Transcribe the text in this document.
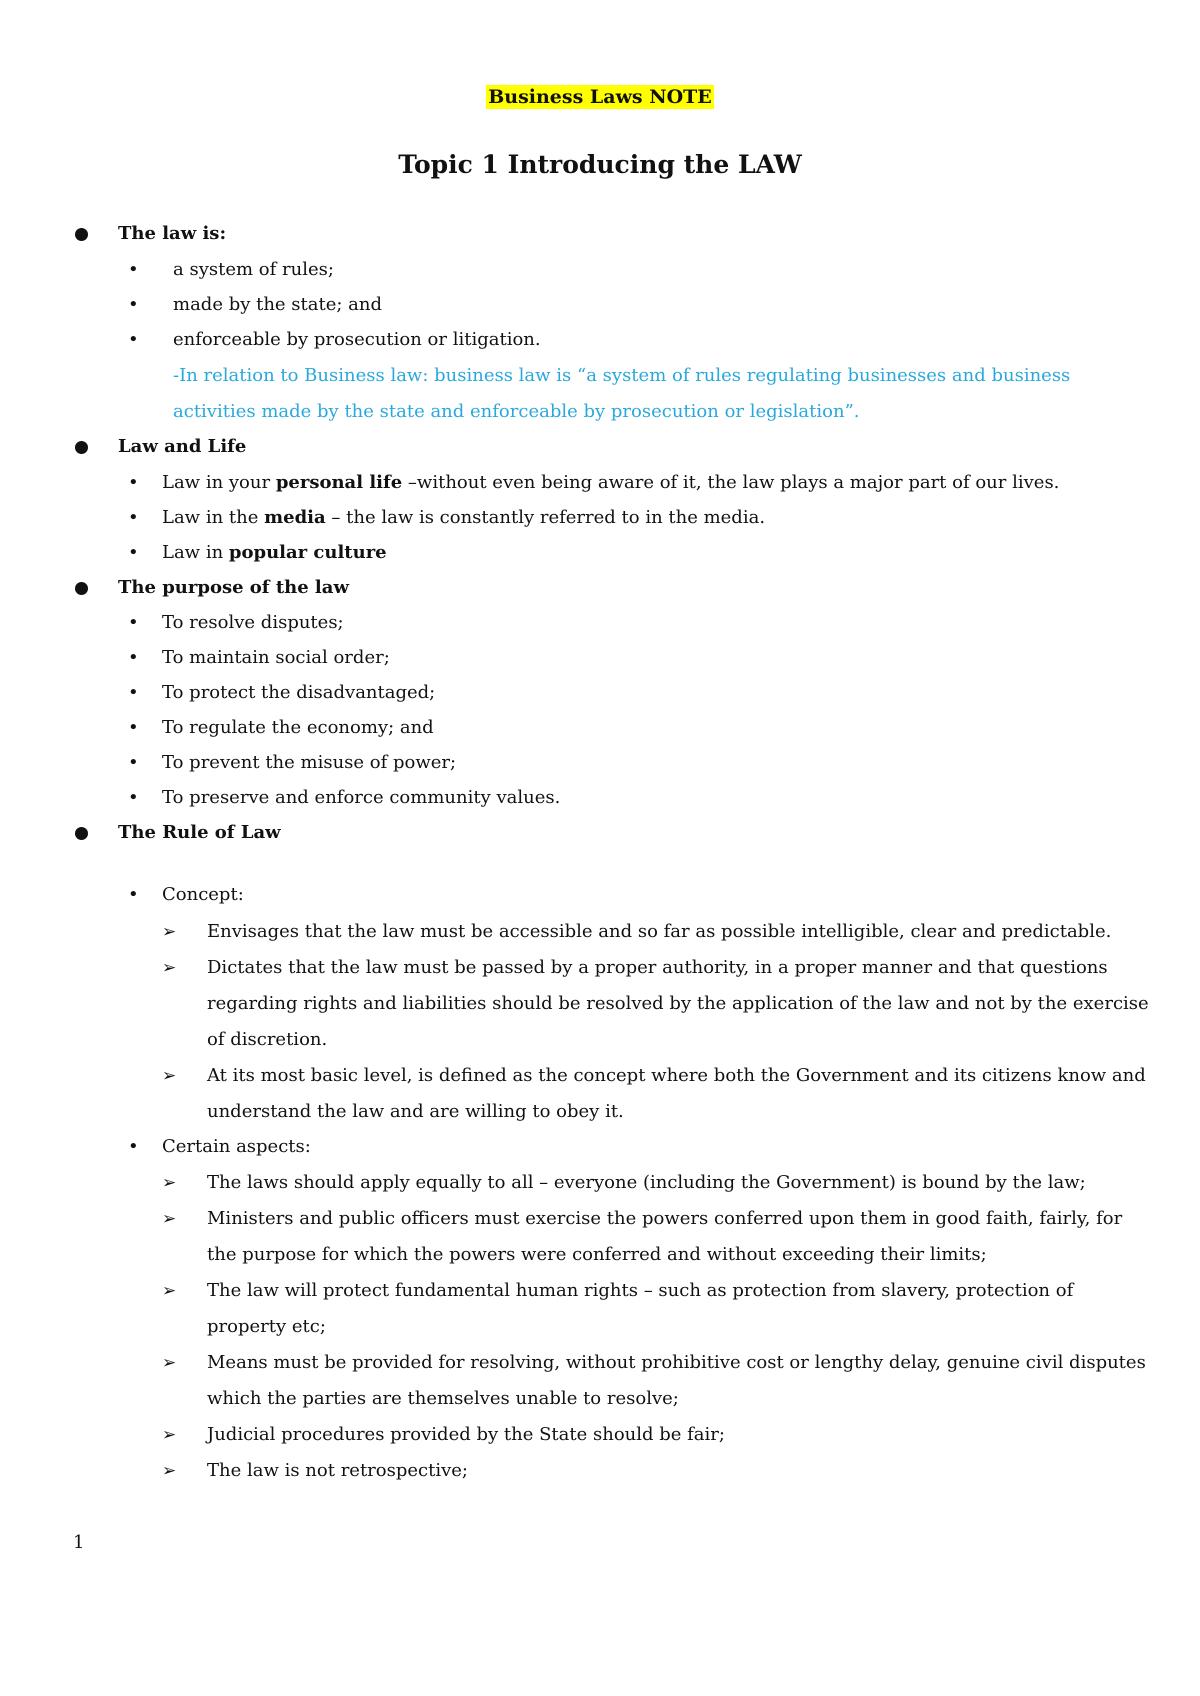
Business Laws NOTE
Topic 1 Introducing the LAW
The law is:
• a system of rules;
• made by the state; and
• enforceable by prosecution or litigation.
-In relation to Business law: business law is “a system of rules regulating businesses and business
activities made by the state and enforceable by prosecution or legislation”.
Law and Life
• Law in your personal life –without even being aware of it, the law plays a major part of our lives.
• Law in the media – the law is constantly referred to in the media.
• Law in popular culture
The purpose of the law
• To resolve disputes;
• To maintain social order;
• To protect the disadvantaged;
• To regulate the economy; and
• To prevent the misuse of power;
• To preserve and enforce community values.
The Rule of Law
• Concept:
➢ Envisages that the law must be accessible and so far as possible intelligible, clear and predictable.
➢ Dictates that the law must be passed by a proper authority, in a proper manner and that questions
regarding rights and liabilities should be resolved by the application of the law and not by the exercise
of discretion.
➢ At its most basic level, is defined as the concept where both the Government and its citizens know and
understand the law and are willing to obey it.
• Certain aspects:
➢ The laws should apply equally to all – everyone (including the Government) is bound by the law;
➢ Ministers and public officers must exercise the powers conferred upon them in good faith, fairly, for
the purpose for which the powers were conferred and without exceeding their limits;
➢ The law will protect fundamental human rights – such as protection from slavery, protection of
property etc;
➢ Means must be provided for resolving, without prohibitive cost or lengthy delay, genuine civil disputes
which the parties are themselves unable to resolve;
➢ Judicial procedures provided by the State should be fair;
➢ The law is not retrospective;
1
